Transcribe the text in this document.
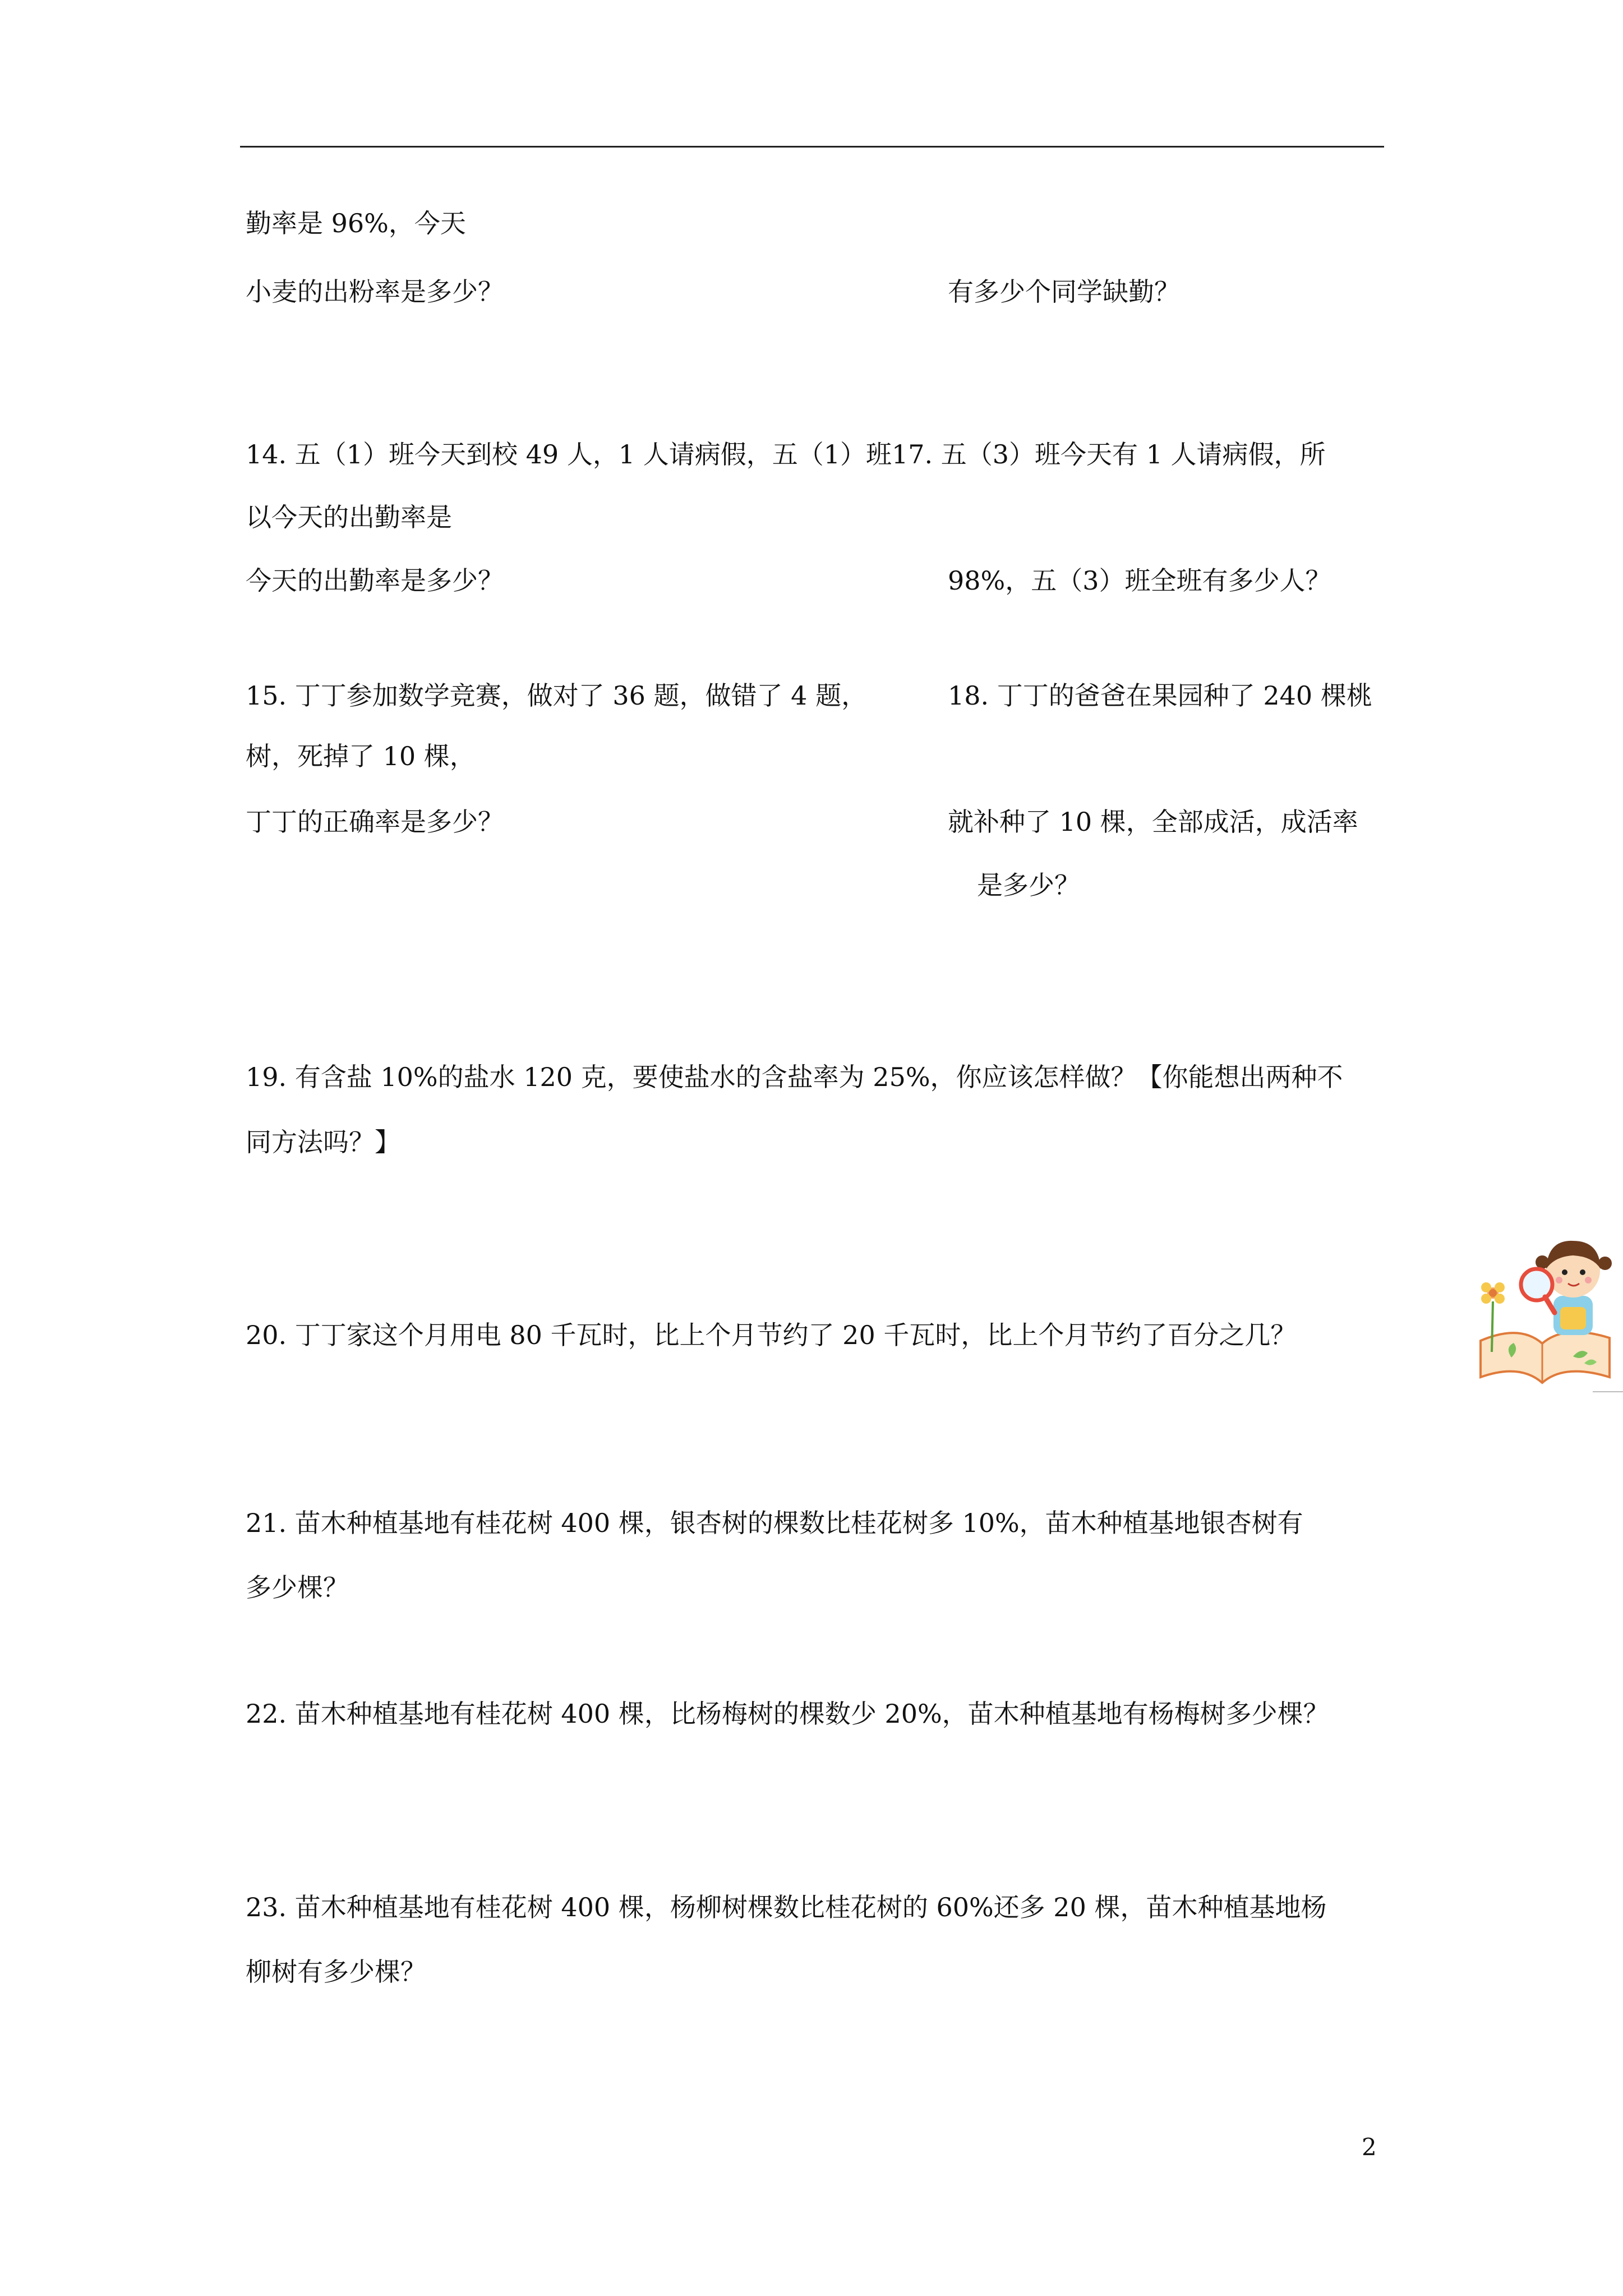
勤率是 96%，今天
小麦的出粉率是多少？	有多少个同学缺勤？
14. 五（1）班今天到校 49 人，1 人请病假，五（1）班17. 五（3）班今天有 1 人请病假，所
以今天的出勤率是
今天的出勤率是多少？	98%，五（3）班全班有多少人？
15. 丁丁参加数学竞赛，做对了 36 题，做错了 4 题，	18. 丁丁的爸爸在果园种了 240 棵桃
树，死掉了 10 棵，
丁丁的正确率是多少？	就补种了 10 棵，全部成活，成活率
是多少？
19. 有含盐 10%的盐水 120 克，要使盐水的含盐率为 25%，你应该怎样做？【你能想出两种不
同方法吗？】
20. 丁丁家这个月用电 80 千瓦时，比上个月节约了 20 千瓦时，比上个月节约了百分之几？
21. 苗木种植基地有桂花树 400 棵，银杏树的棵数比桂花树多 10%，苗木种植基地银杏树有
多少棵？
22. 苗木种植基地有桂花树 400 棵，比杨梅树的棵数少 20%，苗木种植基地有杨梅树多少棵？
23. 苗木种植基地有桂花树 400 棵，杨柳树棵数比桂花树的 60%还多 20 棵，苗木种植基地杨
柳树有多少棵？
2
